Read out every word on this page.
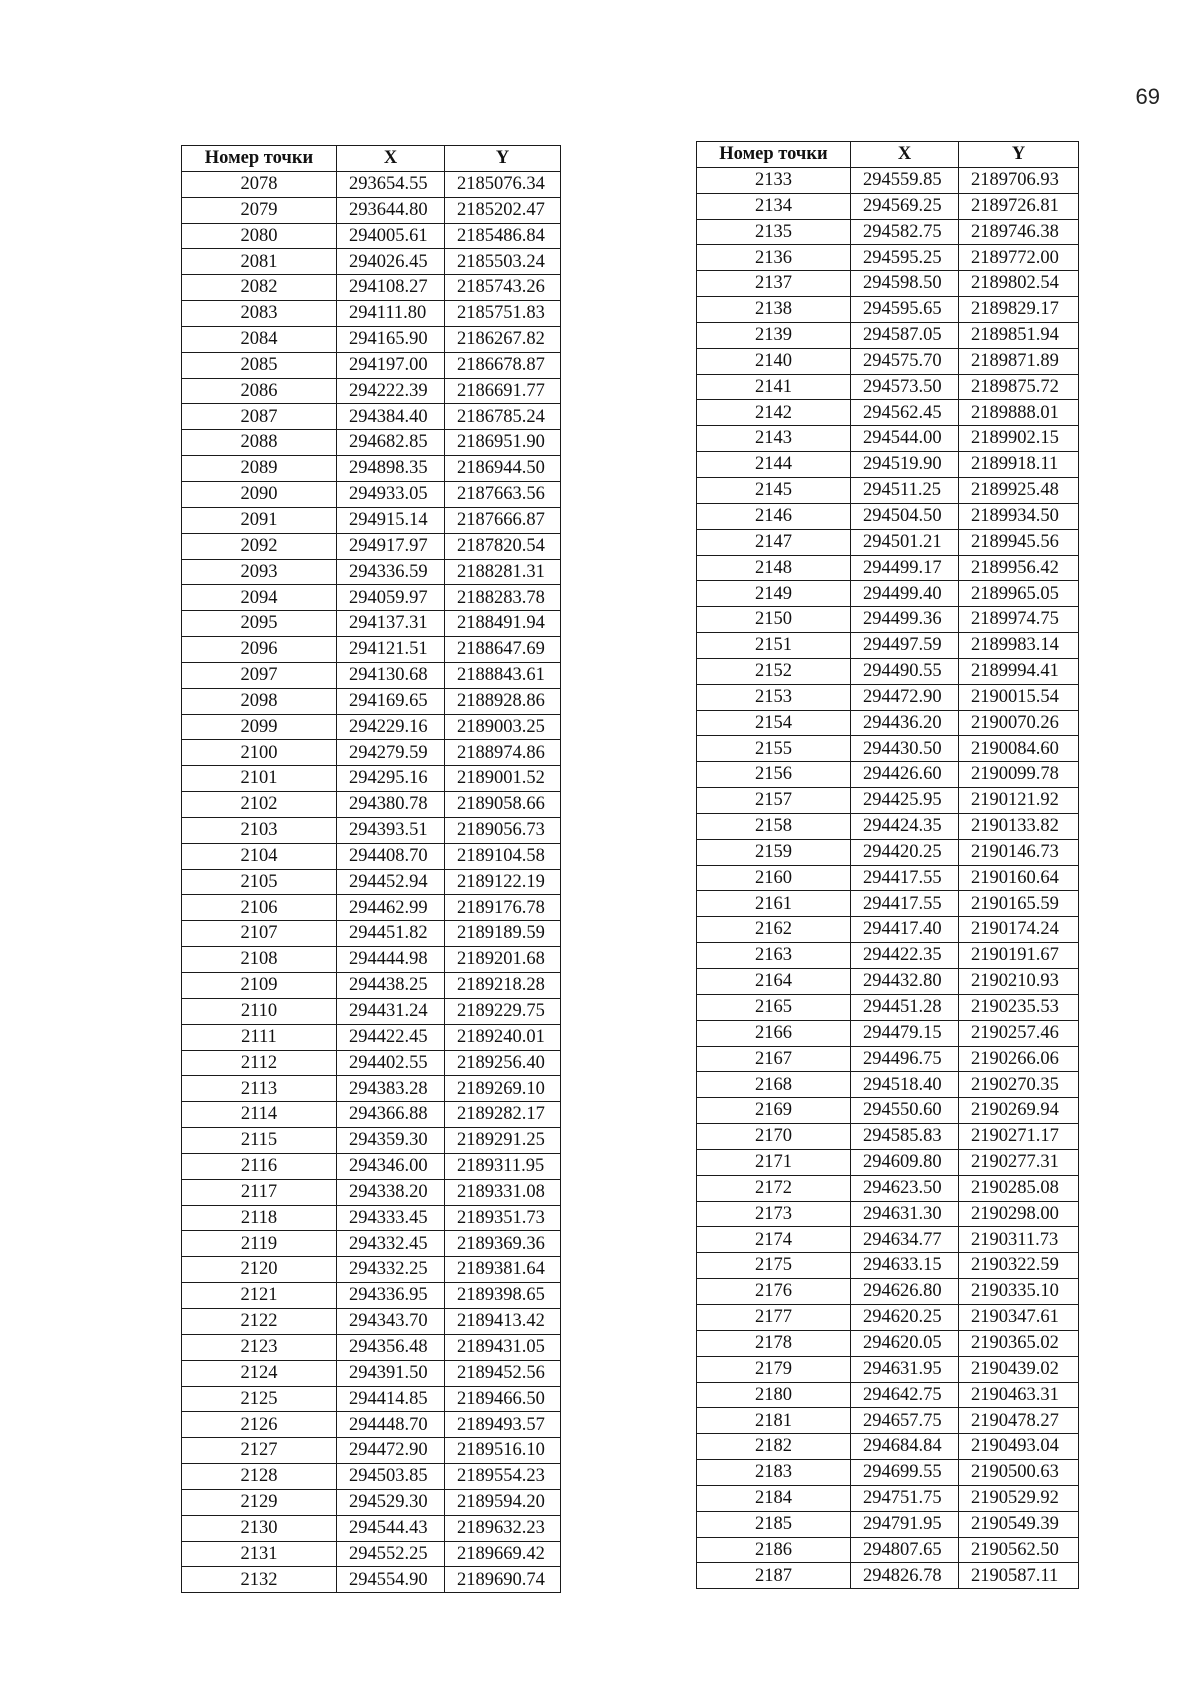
69
Номер точки	X	Y
2078	293654.55	2185076.34
2079	293644.80	2185202.47
2080	294005.61	2185486.84
2081	294026.45	2185503.24
2082	294108.27	2185743.26
2083	294111.80	2185751.83
2084	294165.90	2186267.82
2085	294197.00	2186678.87
2086	294222.39	2186691.77
2087	294384.40	2186785.24
2088	294682.85	2186951.90
2089	294898.35	2186944.50
2090	294933.05	2187663.56
2091	294915.14	2187666.87
2092	294917.97	2187820.54
2093	294336.59	2188281.31
2094	294059.97	2188283.78
2095	294137.31	2188491.94
2096	294121.51	2188647.69
2097	294130.68	2188843.61
2098	294169.65	2188928.86
2099	294229.16	2189003.25
2100	294279.59	2188974.86
2101	294295.16	2189001.52
2102	294380.78	2189058.66
2103	294393.51	2189056.73
2104	294408.70	2189104.58
2105	294452.94	2189122.19
2106	294462.99	2189176.78
2107	294451.82	2189189.59
2108	294444.98	2189201.68
2109	294438.25	2189218.28
2110	294431.24	2189229.75
2111	294422.45	2189240.01
2112	294402.55	2189256.40
2113	294383.28	2189269.10
2114	294366.88	2189282.17
2115	294359.30	2189291.25
2116	294346.00	2189311.95
2117	294338.20	2189331.08
2118	294333.45	2189351.73
2119	294332.45	2189369.36
2120	294332.25	2189381.64
2121	294336.95	2189398.65
2122	294343.70	2189413.42
2123	294356.48	2189431.05
2124	294391.50	2189452.56
2125	294414.85	2189466.50
2126	294448.70	2189493.57
2127	294472.90	2189516.10
2128	294503.85	2189554.23
2129	294529.30	2189594.20
2130	294544.43	2189632.23
2131	294552.25	2189669.42
2132	294554.90	2189690.74
Номер точки	X	Y
2133	294559.85	2189706.93
2134	294569.25	2189726.81
2135	294582.75	2189746.38
2136	294595.25	2189772.00
2137	294598.50	2189802.54
2138	294595.65	2189829.17
2139	294587.05	2189851.94
2140	294575.70	2189871.89
2141	294573.50	2189875.72
2142	294562.45	2189888.01
2143	294544.00	2189902.15
2144	294519.90	2189918.11
2145	294511.25	2189925.48
2146	294504.50	2189934.50
2147	294501.21	2189945.56
2148	294499.17	2189956.42
2149	294499.40	2189965.05
2150	294499.36	2189974.75
2151	294497.59	2189983.14
2152	294490.55	2189994.41
2153	294472.90	2190015.54
2154	294436.20	2190070.26
2155	294430.50	2190084.60
2156	294426.60	2190099.78
2157	294425.95	2190121.92
2158	294424.35	2190133.82
2159	294420.25	2190146.73
2160	294417.55	2190160.64
2161	294417.55	2190165.59
2162	294417.40	2190174.24
2163	294422.35	2190191.67
2164	294432.80	2190210.93
2165	294451.28	2190235.53
2166	294479.15	2190257.46
2167	294496.75	2190266.06
2168	294518.40	2190270.35
2169	294550.60	2190269.94
2170	294585.83	2190271.17
2171	294609.80	2190277.31
2172	294623.50	2190285.08
2173	294631.30	2190298.00
2174	294634.77	2190311.73
2175	294633.15	2190322.59
2176	294626.80	2190335.10
2177	294620.25	2190347.61
2178	294620.05	2190365.02
2179	294631.95	2190439.02
2180	294642.75	2190463.31
2181	294657.75	2190478.27
2182	294684.84	2190493.04
2183	294699.55	2190500.63
2184	294751.75	2190529.92
2185	294791.95	2190549.39
2186	294807.65	2190562.50
2187	294826.78	2190587.11
